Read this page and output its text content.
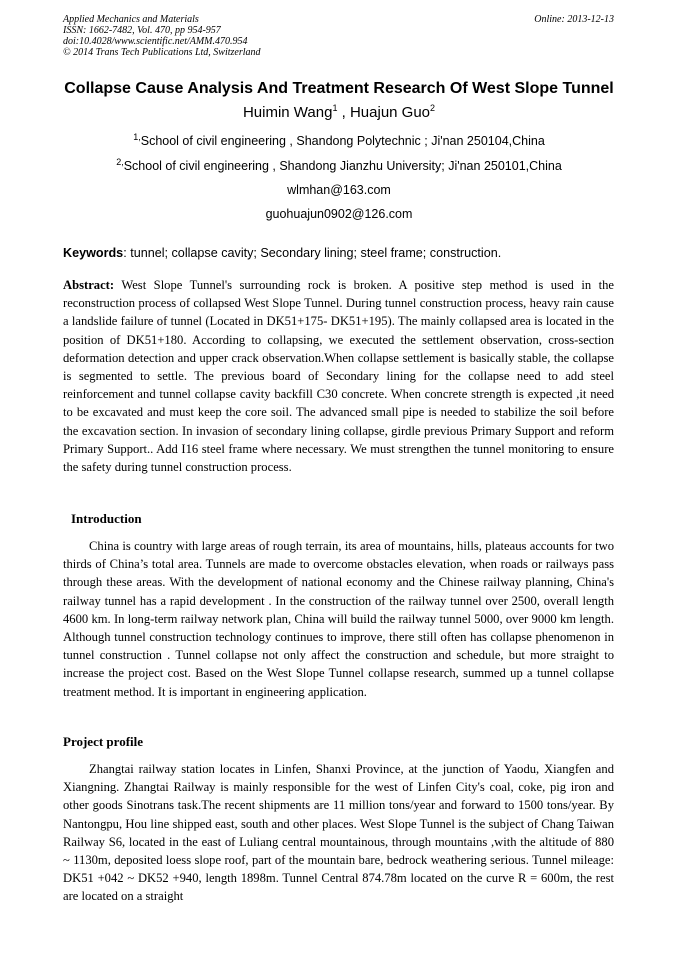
Applied Mechanics and Materials
ISSN: 1662-7482, Vol. 470, pp 954-957
doi:10.4028/www.scientific.net/AMM.470.954
© 2014 Trans Tech Publications Ltd, Switzerland
Online: 2013-12-13
Collapse Cause Analysis And Treatment Research Of West Slope Tunnel
Huimin Wang$^1$ , Huajun Guo$^2$
$^{1,}$School of civil engineering , Shandong Polytechnic ; Ji'nan 250104,China
$^{2,}$School of civil engineering , Shandong Jianzhu University; Ji'nan 250101,China
wlmhan@163.com
guohuajun0902@126.com
Keywords: tunnel; collapse cavity; Secondary lining; steel frame; construction.
Abstract: West Slope Tunnel's surrounding rock is broken. A positive step method is used in the reconstruction process of collapsed West Slope Tunnel. During tunnel construction process, heavy rain cause a landslide failure of tunnel (Located in DK51+175- DK51+195). The mainly collapsed area is located in the position of DK51+180. According to collapsing, we executed the settlement observation, cross-section deformation detection and upper crack observation.When collapse settlement is basically stable, the collapse is segmented to settle. The previous board of Secondary lining for the collapse need to add steel reinforcement and tunnel collapse cavity backfill C30 concrete. When concrete strength is expected ,it need to be excavated and must keep the core soil. The advanced small pipe is needed to stabilize the soil before the excavation section. In invasion of secondary lining collapse, girdle previous Primary Support and reform Primary Support.. Add I16 steel frame where necessary. We must strengthen the tunnel monitoring to ensure the safety during tunnel construction process.
Introduction
China is country with large areas of rough terrain, its area of mountains, hills, plateaus accounts for two thirds of China’s total area. Tunnels are made to overcome obstacles elevation, when roads or railways pass through these areas. With the development of national economy and the Chinese railway planning, China's railway tunnel has a rapid development . In the construction of the railway tunnel over 2500, overall length 4600 km. In long-term railway network plan, China will build the railway tunnel 5000, over 9000 km length. Although tunnel construction technology continues to improve, there still often has collapse phenomenon in tunnel construction . Tunnel collapse not only affect the construction and schedule, but more straight to increase the project cost. Based on the West Slope Tunnel collapse research, summed up a tunnel collapse treatment method. It is important in engineering application.
Project profile
Zhangtai railway station locates in Linfen, Shanxi Province, at the junction of Yaodu, Xiangfen and Xiangning. Zhangtai Railway is mainly responsible for the west of Linfen City's coal, coke, pig iron and other goods Sinotrans task.The recent shipments are 11 million tons/year and forward to 1500 tons/year. By Nantongpu, Hou line shipped east, south and other places. West Slope Tunnel is the subject of Chang Taiwan Railway S6, located in the east of Luliang central mountainous, through mountains ,with the altitude of 880 ~ 1130m, deposited loess slope roof, part of the mountain bare, bedrock weathering serious. Tunnel mileage: DK51 +042 ~ DK52 +940, length 1898m. Tunnel Central 874.78m located on the curve R = 600m, the rest are located on a straight
